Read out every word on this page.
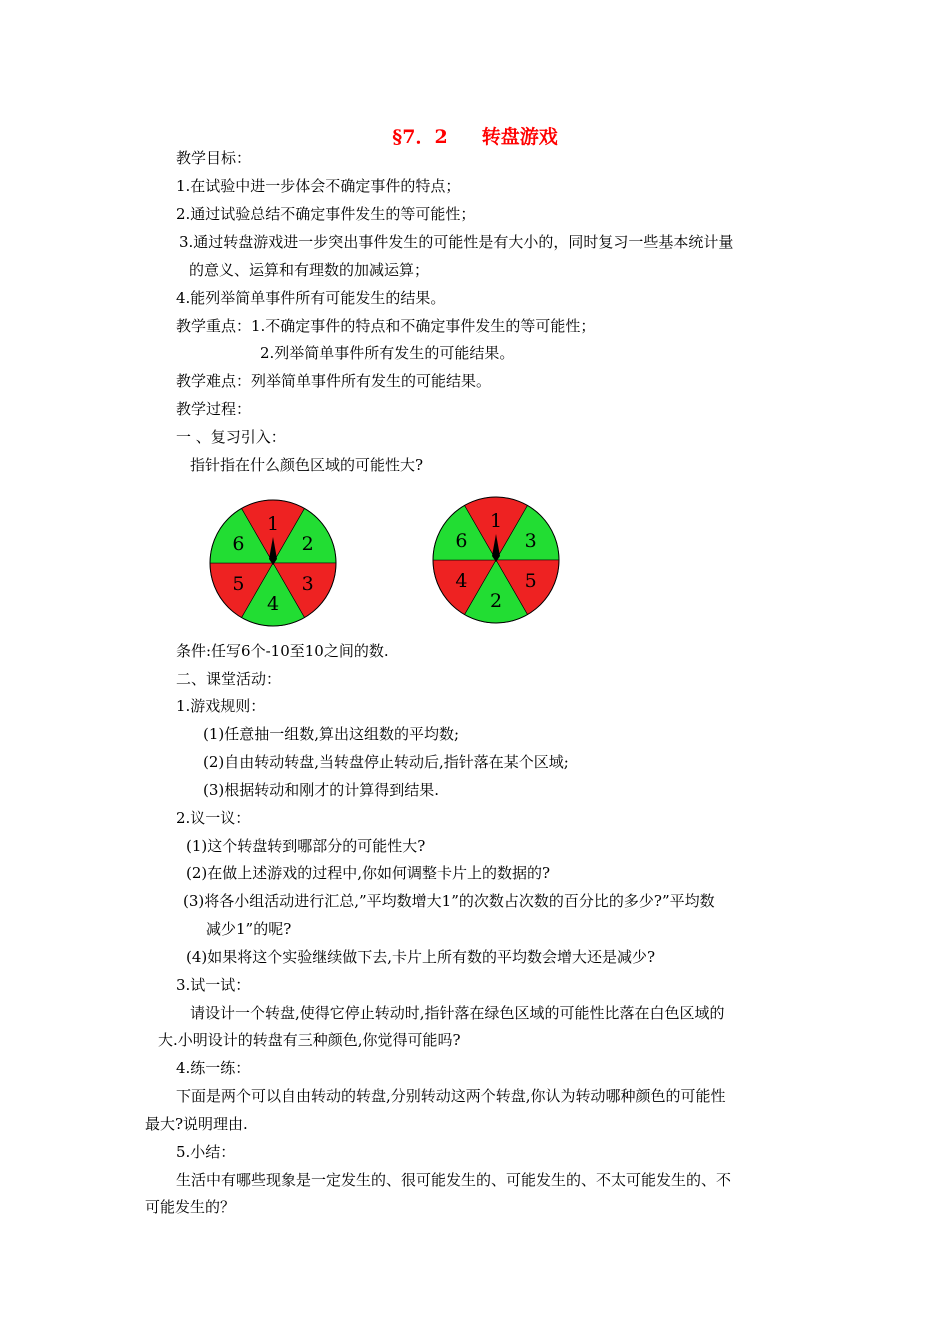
§7．2 转盘游戏
教学目标：
1.在试验中进一步体会不确定事件的特点；
2.通过试验总结不确定事件发生的等可能性；
3.通过转盘游戏进一步突出事件发生的可能性是有大小的，同时复习一些基本统计量
的意义、运算和有理数的加减运算；
4.能列举简单事件所有可能发生的结果。
教学重点：1.不确定事件的特点和不确定事件发生的等可能性；
2.列举简单事件所有发生的可能结果。
教学难点：列举简单事件所有发生的可能结果。
教学过程：
一 、复习引入：
指针指在什么颜色区域的可能性大?
1
2
3
4
5
6
1
3
5
2
4
6
条件:任写6个-10至10之间的数.
二、课堂活动：
1.游戏规则：
(1)任意抽一组数,算出这组数的平均数;
(2)自由转动转盘,当转盘停止转动后,指针落在某个区域;
(3)根据转动和刚才的计算得到结果.
2.议一议：
(1)这个转盘转到哪部分的可能性大?
(2)在做上述游戏的过程中,你如何调整卡片上的数据的?
(3)将各小组活动进行汇总,”平均数增大1”的次数占次数的百分比的多少?”平均数
减少1”的呢?
(4)如果将这个实验继续做下去,卡片上所有数的平均数会增大还是减少?
3.试一试：
请设计一个转盘,使得它停止转动时,指针落在绿色区域的可能性比落在白色区域的
大.小明设计的转盘有三种颜色,你觉得可能吗?
4.练一练：
下面是两个可以自由转动的转盘,分别转动这两个转盘,你认为转动哪种颜色的可能性
最大?说明理由.
5.小结：
生活中有哪些现象是一定发生的、很可能发生的、可能发生的、不太可能发生的、不
可能发生的？
